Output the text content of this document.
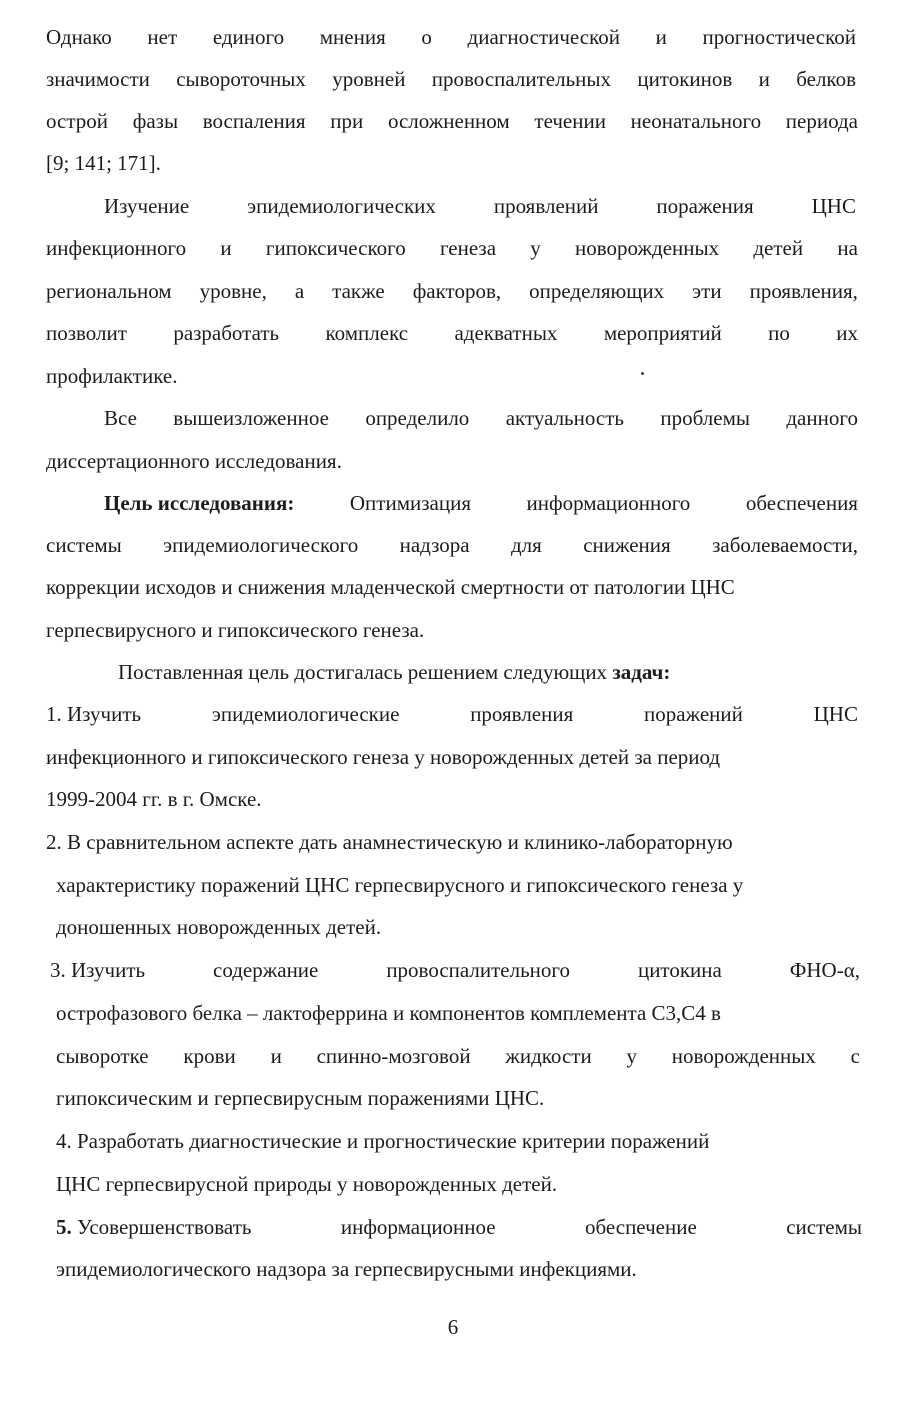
Однако нет единого мнения о диагностической и прогностической
значимости сывороточных уровней провоспалительных цитокинов и белков
острой фазы воспаления при осложненном течении неонатального периода
[9; 141; 171].
Изучение	эпидемиологических	проявлений	поражения	ЦНС
инфекционного и гипоксического генеза у новорожденных детей на
региональном уровне, а также факторов, определяющих эти проявления,
позволит разработать комплекс адекватных мероприятий по их
профилактике.
Все вышеизложенное определило актуальность проблемы данного
диссертационного исследования.
Цель исследования:	Оптимизация	информационного	обеспечения
системы эпидемиологического надзора для снижения заболеваемости,
коррекции исходов и снижения младенческой смертности от патологии ЦНС
герпесвирусного и гипоксического генеза.
Поставленная цель достигалась решением следующих задач:
1. Изучить	эпидемиологические	проявления	поражений	ЦНС
инфекционного и гипоксического генеза у новорожденных детей за период
1999-2004 гг. в г. Омске.
2. В сравнительном аспекте дать анамнестическую и клинико-лабораторную
характеристику поражений ЦНС герпесвирусного и гипоксического генеза у
доношенных новорожденных детей.
3. Изучить	содержание	провоспалительного	цитокина	ФНО-α,
острофазового белка – лактоферрина и компонентов комплемента С3,С4 в
сыворотке крови и спинно-мозговой жидкости у новорожденных с
гипоксическим и герпесвирусным поражениями ЦНС.
4. Разработать диагностические и прогностические критерии поражений
ЦНС герпесвирусной природы у новорожденных детей.
5. Усовершенствовать	информационное	обеспечение	системы
эпидемиологического надзора за герпесвирусными инфекциями.
6
